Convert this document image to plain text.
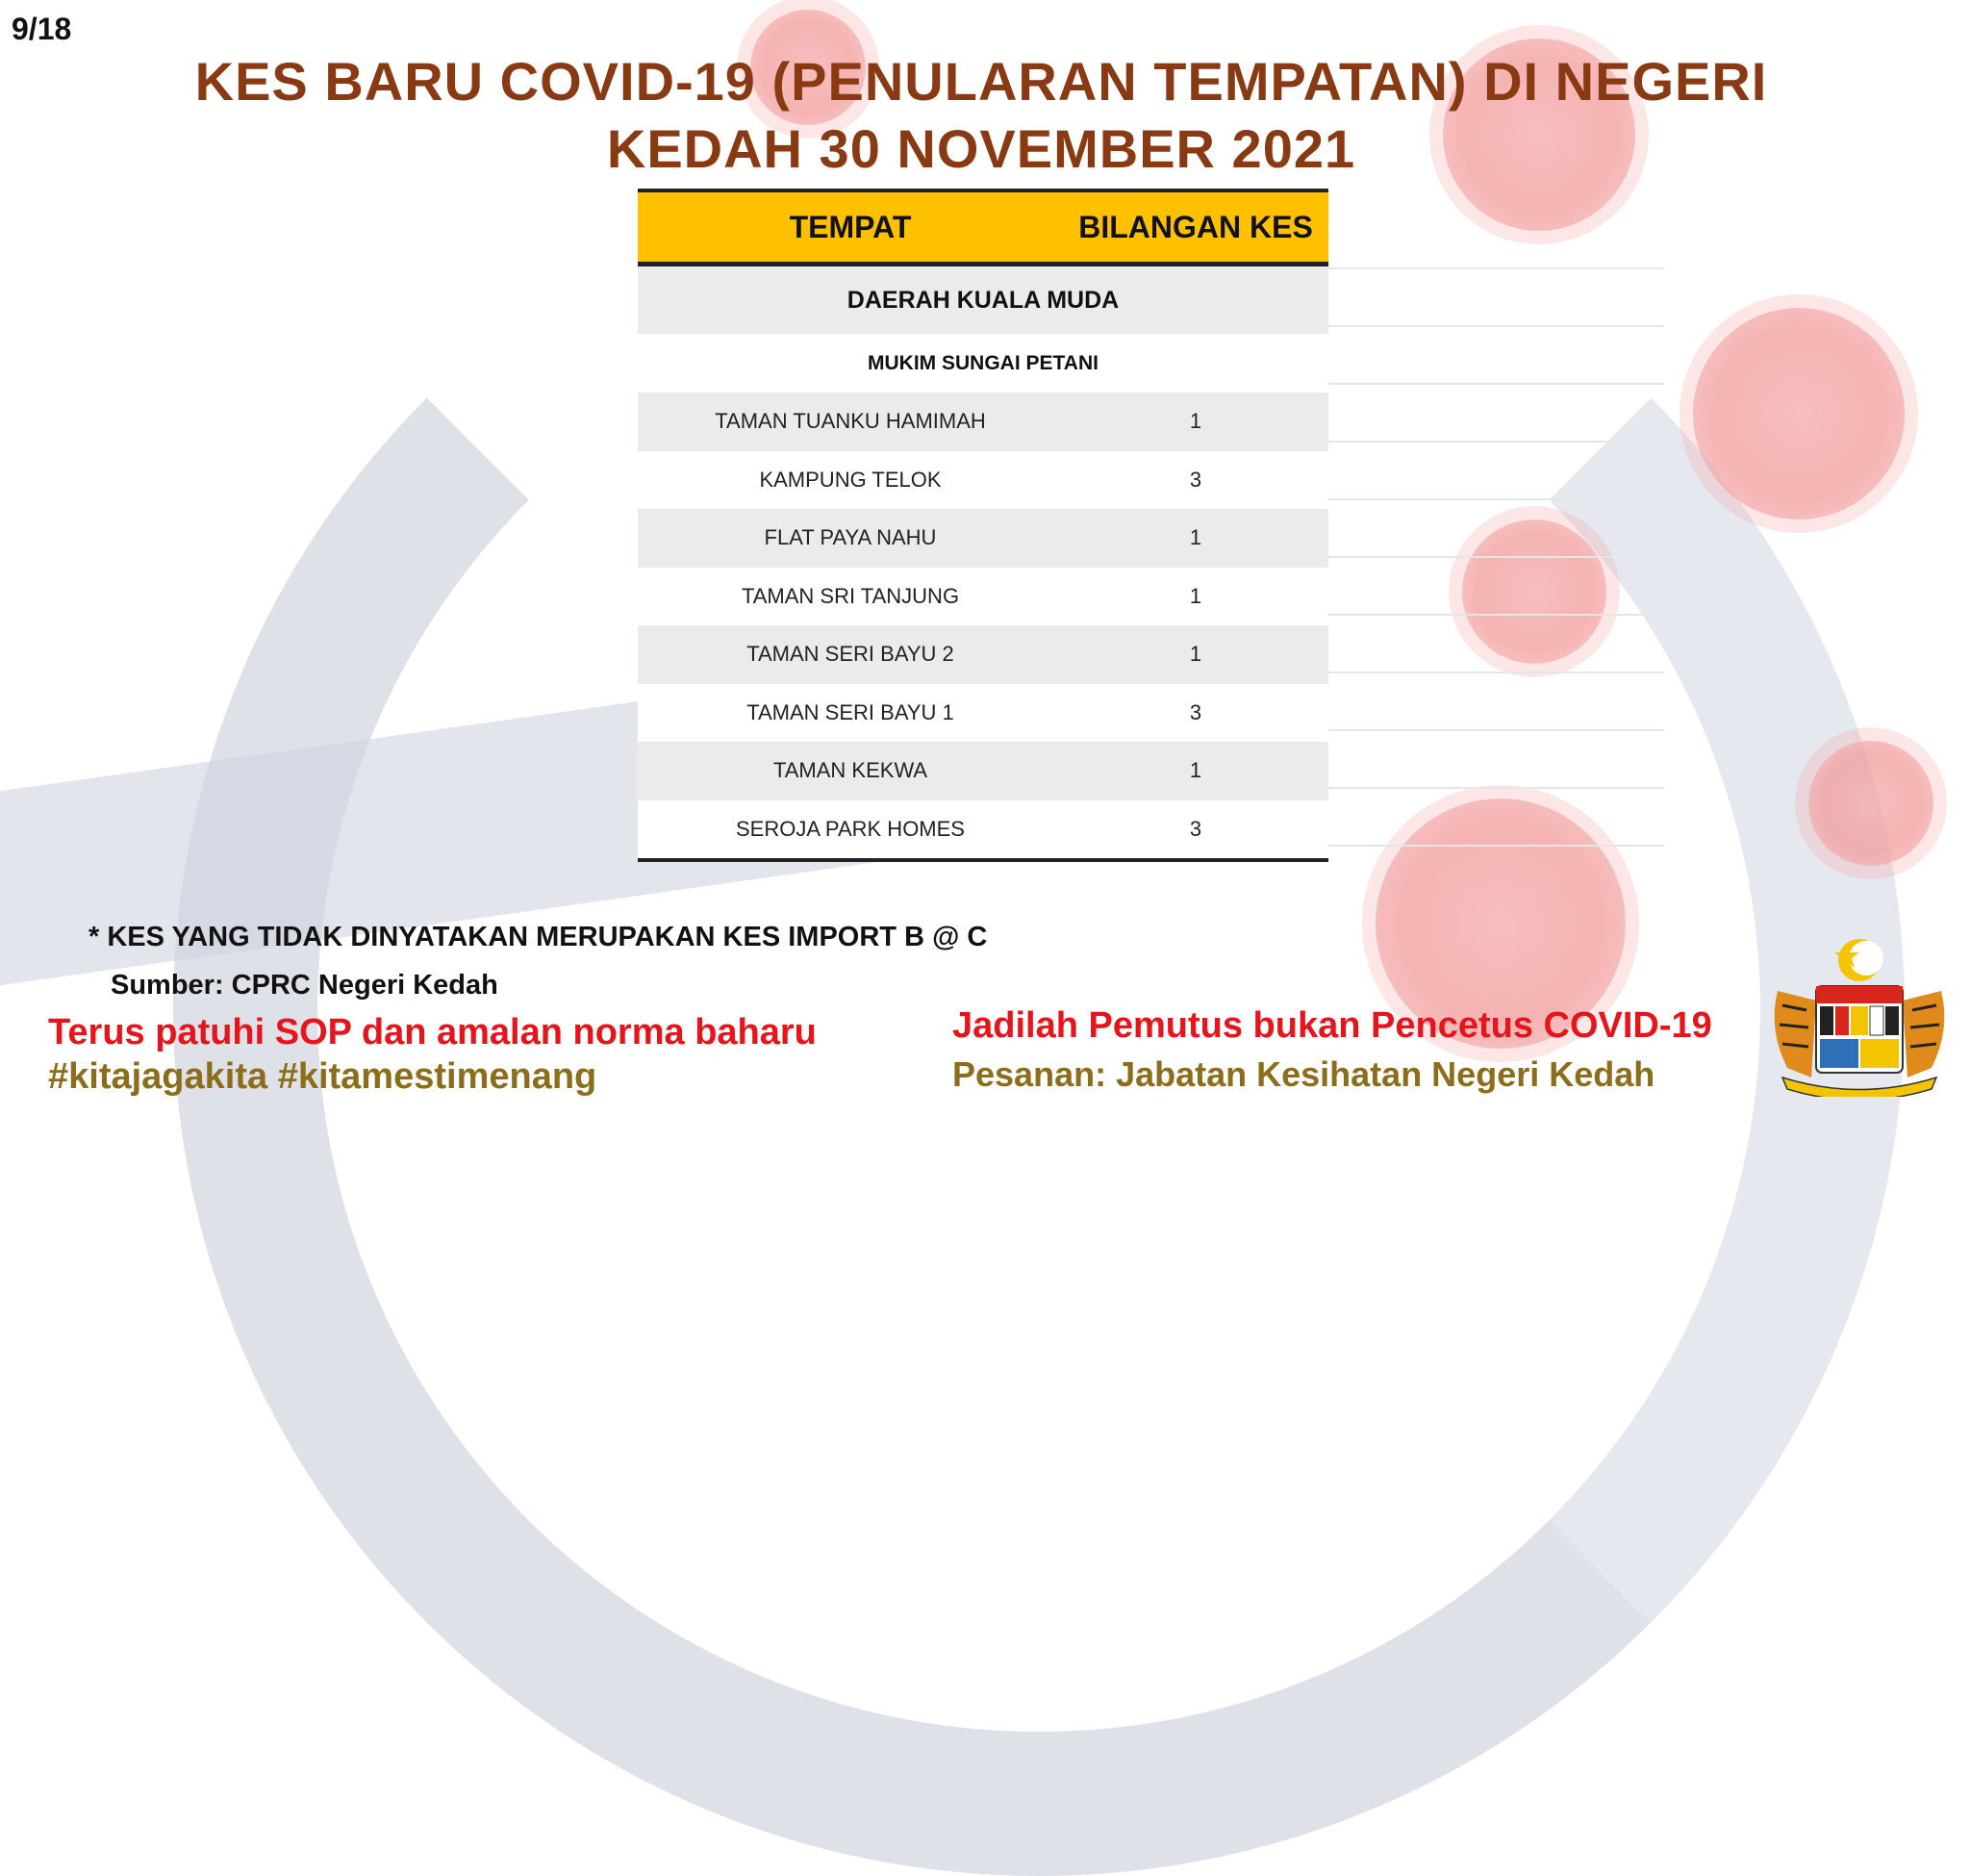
9/18
KES BARU COVID-19 (PENULARAN TEMPATAN) DI NEGERI
KEDAH 30 NOVEMBER 2021
TEMPAT	BILANGAN KES
DAERAH KUALA MUDA
MUKIM SUNGAI PETANI
TAMAN TUANKU HAMIMAH	1
KAMPUNG TELOK	3
FLAT PAYA NAHU	1
TAMAN SRI TANJUNG	1
TAMAN SERI BAYU 2	1
TAMAN SERI BAYU 1	3
TAMAN KEKWA	1
SEROJA PARK HOMES	3
* KES YANG TIDAK DINYATAKAN MERUPAKAN KES IMPORT B @ C
Sumber: CPRC Negeri Kedah
Terus patuhi SOP dan amalan norma baharu
#kitajagakita #kitamestimenang
Jadilah Pemutus bukan Pencetus COVID-19
Pesanan: Jabatan Kesihatan Negeri Kedah
